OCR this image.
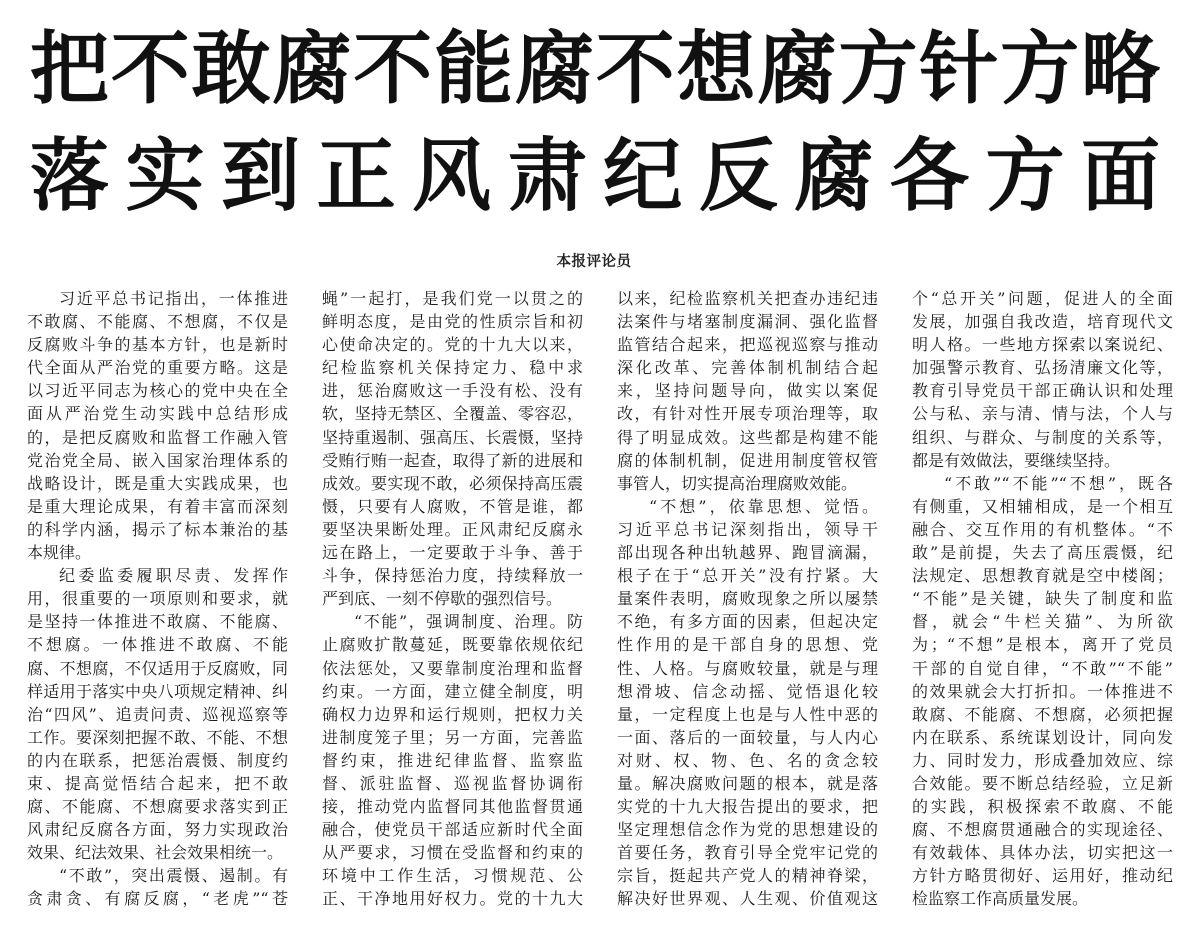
把不敢腐不能腐不想腐方针方略
落实到正风肃纪反腐各方面
本报评论员
习近平总书记指出，一体推进
不敢腐、不能腐、不想腐，不仅是
反腐败斗争的基本方针，也是新时
代全面从严治党的重要方略。这是
以习近平同志为核心的党中央在全
面从严治党生动实践中总结形成
的，是把反腐败和监督工作融入管
党治党全局、嵌入国家治理体系的
战略设计，既是重大实践成果，也
是重大理论成果，有着丰富而深刻
的科学内涵，揭示了标本兼治的基
本规律。
纪委监委履职尽责、发挥作
用，很重要的一项原则和要求，就
是坚持一体推进不敢腐、不能腐、
不想腐。一体推进不敢腐、不能
腐、不想腐，不仅适用于反腐败，同
样适用于落实中央八项规定精神、纠
治“四风”、追责问责、巡视巡察等
工作。要深刻把握不敢、不能、不想
的内在联系，把惩治震慑、制度约
束、提高觉悟结合起来，把不敢
腐、不能腐、不想腐要求落实到正
风肃纪反腐各方面，努力实现政治
效果、纪法效果、社会效果相统一。
“不敢”，突出震慑、遏制。有
贪肃贪、有腐反腐，“老虎”“苍
蝇”一起打，是我们党一以贯之的
鲜明态度，是由党的性质宗旨和初
心使命决定的。党的十九大以来，
纪检监察机关保持定力、稳中求
进，惩治腐败这一手没有松、没有
软，坚持无禁区、全覆盖、零容忍，
坚持重遏制、强高压、长震慑，坚持
受贿行贿一起查，取得了新的进展和
成效。要实现不敢，必须保持高压震
慑，只要有人腐败，不管是谁，都
要坚决果断处理。正风肃纪反腐永
远在路上，一定要敢于斗争、善于
斗争，保持惩治力度，持续释放一
严到底、一刻不停歇的强烈信号。
“不能”，强调制度、治理。防
止腐败扩散蔓延，既要靠依规依纪
依法惩处，又要靠制度治理和监督
约束。一方面，建立健全制度，明
确权力边界和运行规则，把权力关
进制度笼子里；另一方面，完善监
督约束，推进纪律监督、监察监
督、派驻监督、巡视监督协调衔
接，推动党内监督同其他监督贯通
融合，使党员干部适应新时代全面
从严要求，习惯在受监督和约束的
环境中工作生活，习惯规范、公
正、干净地用好权力。党的十九大
以来，纪检监察机关把查办违纪违
法案件与堵塞制度漏洞、强化监督
监管结合起来，把巡视巡察与推动
深化改革、完善体制机制结合起
来，坚持问题导向，做实以案促
改，有针对性开展专项治理等，取
得了明显成效。这些都是构建不能
腐的体制机制，促进用制度管权管
事管人，切实提高治理腐败效能。
“不想”，依靠思想、觉悟。
习近平总书记深刻指出，领导干
部出现各种出轨越界、跑冒滴漏，
根子在于“总开关”没有拧紧。大
量案件表明，腐败现象之所以屡禁
不绝，有多方面的因素，但起决定
性作用的是干部自身的思想、党
性、人格。与腐败较量，就是与理
想滑坡、信念动摇、觉悟退化较
量，一定程度上也是与人性中恶的
一面、落后的一面较量，与人内心
对财、权、物、色、名的贪念较
量。解决腐败问题的根本，就是落
实党的十九大报告提出的要求，把
坚定理想信念作为党的思想建设的
首要任务，教育引导全党牢记党的
宗旨，挺起共产党人的精神脊梁，
解决好世界观、人生观、价值观这
个“总开关”问题，促进人的全面
发展，加强自我改造，培育现代文
明人格。一些地方探索以案说纪、
加强警示教育、弘扬清廉文化等，
教育引导党员干部正确认识和处理
公与私、亲与清、情与法，个人与
组织、与群众、与制度的关系等，
都是有效做法，要继续坚持。
“不敢”“不能”“不想”，既各
有侧重，又相辅相成，是一个相互
融合、交互作用的有机整体。“不
敢”是前提，失去了高压震慑，纪
法规定、思想教育就是空中楼阁；
“不能”是关键，缺失了制度和监
督，就会“牛栏关猫”、为所欲
为；“不想”是根本，离开了党员
干部的自觉自律，“不敢”“不能”
的效果就会大打折扣。一体推进不
敢腐、不能腐、不想腐，必须把握
内在联系、系统谋划设计，同向发
力、同时发力，形成叠加效应、综
合效能。要不断总结经验，立足新
的实践，积极探索不敢腐、不能
腐、不想腐贯通融合的实现途径、
有效载体、具体办法，切实把这一
方针方略贯彻好、运用好，推动纪
检监察工作高质量发展。
